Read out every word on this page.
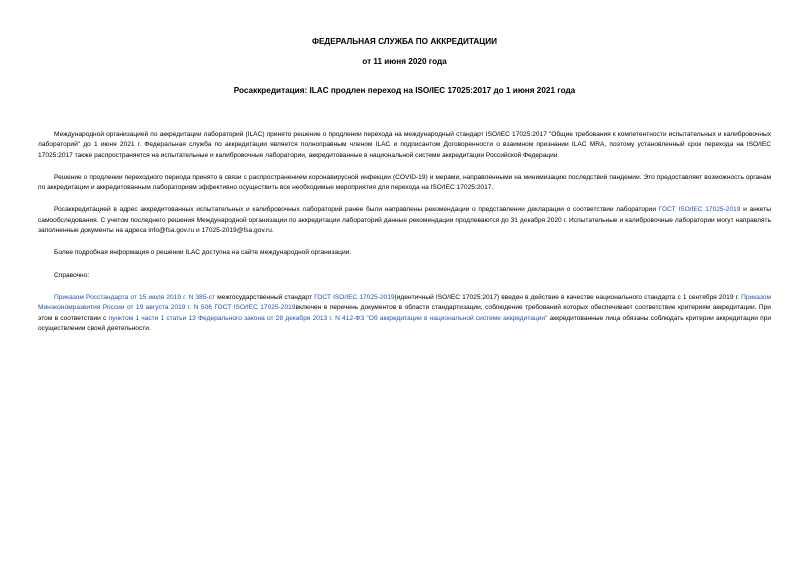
ФЕДЕРАЛЬНАЯ СЛУЖБА ПО АККРЕДИТАЦИИ

от 11 июня 2020 года

Росаккредитация: ILAC продлен переход на ISO/IEC 17025:2017 до 1 июня 2021 года

Международной организацией по аккредитации лабораторий (ILAC) принято решение о продлении перехода на международный стандарт ISO/IEC 17025:2017 "Общие требования к компетентности испытательных и калибровочных лабораторий" до 1 июня 2021 г. Федеральная служба по аккредитации является полноправным членом ILAC и подписантом Договоренности о взаимном признании ILAC MRA, поэтому установленный срок перехода на ISO/IEC 17025:2017 также распространяется на испытательные и калибровочные лаборатории, аккредитованные в национальной системе аккредитации Российской Федерации.

Решение о продлении переходного периода принято в связи с распространением коронавирусной инфекции (COVID-19) и мерами, направленными на минимизацию последствий пандемии. Это предоставляет возможность органам по аккредитации и аккредитованным лабораториям эффективно осуществить все необходимые мероприятия для перехода на ISO/IEC 17025:2017.

Росаккредитацией в адрес аккредитованных испытательных и калибровочных лабораторий ранее были направлены рекомендации о представлении декларации о соответствии лаборатории ГОСТ ISO/IEC 17025-2019 и анкеты самообследования. С учетом последнего решения Международной организации по аккредитации лабораторий данные рекомендации продлеваются до 31 декабря 2020 г. Испытательные и калибровочные лаборатории могут направлять заполненные документы на адреса info@fsa.gov.ru и 17025-2019@fsa.gov.ru.

Более подробная информация о решении ILAC доступна на сайте международной организации.

Справочно:

Приказом Росстандарта от 15 июля 2019 г. N 385-ст межгосударственный стандарт ГОСТ ISO/IEC 17025-2019(идентичный ISO/IEC 17025:2017) введен в действие в качестве национального стандарта с 1 сентября 2019 г. Приказом Минэкономразвития России от 19 августа 2019 г. N 506 ГОСТ ISO/IEC 17025-2019включен в перечень документов в области стандартизации, соблюдение требований которых обеспечивает соответствие критериям аккредитации. При этом в соответствии с пунктом 1 части 1 статьи 13 Федерального закона от 28 декабря 2013 г. N 412-ФЗ "Об аккредитации в национальной системе аккредитации" аккредитованные лица обязаны соблюдать критерии аккредитации при осуществлении своей деятельности.
